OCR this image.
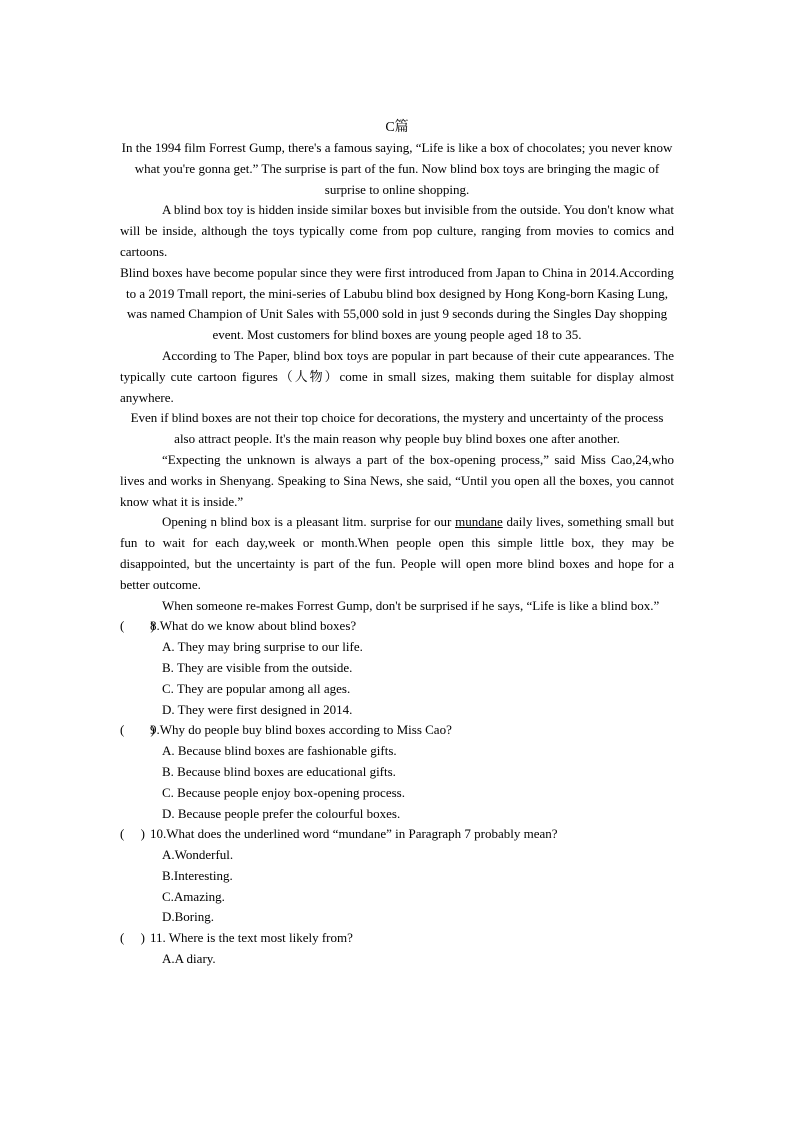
C篇

In the 1994 film Forrest Gump, there's a famous saying, “Life is like a box of chocolates; you never know what you're gonna get.” The surprise is part of the fun. Now blind box toys are bringing the magic of surprise to online shopping.

A blind box toy is hidden inside similar boxes but invisible from the outside. You don't know what will be inside, although the toys typically come from pop culture, ranging from movies to comics and cartoons.

Blind boxes have become popular since they were first introduced from Japan to China in 2014.According to a 2019 Tmall report, the mini-series of Labubu blind box designed by Hong Kong-born Kasing Lung, was named Champion of Unit Sales with 55,000 sold in just 9 seconds during the Singles Day shopping event. Most customers for blind boxes are young people aged 18 to 35.

According to The Paper, blind box toys are popular in part because of their cute appearances. The typically cute cartoon figures（人物）come in small sizes, making them suitable for display almost anywhere.

Even if blind boxes are not their top choice for decorations, the mystery and uncertainty of the process also attract people. It's the main reason why people buy blind boxes one after another.

“Expecting the unknown is always a part of the box-opening process,” said Miss Cao,24,who lives and works in Shenyang. Speaking to Sina News, she said, “Until you open all the boxes, you cannot know what it is inside.”

Opening n blind box is a pleasant litm. surprise for our mundane daily lives, something small but fun to wait for each day,week or month.When people open this simple little box, they may be disappointed, but the uncertainty is part of the fun. People will open more blind boxes and hope for a better outcome.

When someone re-makes Forrest Gump, don't be surprised if he says, “Life is like a blind box.”

(　　)8.What do we know about blind boxes?

A. They may bring surprise to our life.

B. They are visible from the outside.

C. They are popular among all ages.

D. They were first designed in 2014.

(　　)9.Why do people buy blind boxes according to Miss Cao?

A. Because blind boxes are fashionable gifts.

B. Because blind boxes are educational gifts.

C. Because people enjoy box-opening process.

D. Because people prefer the colourful boxes.

(　 ) 10.What does the underlined word “mundane” in Paragraph 7 probably mean?

A.Wonderful.

B.Interesting.

C.Amazing.

D.Boring.

(　 ) 11. Where is the text most likely from?

A.A diary.
